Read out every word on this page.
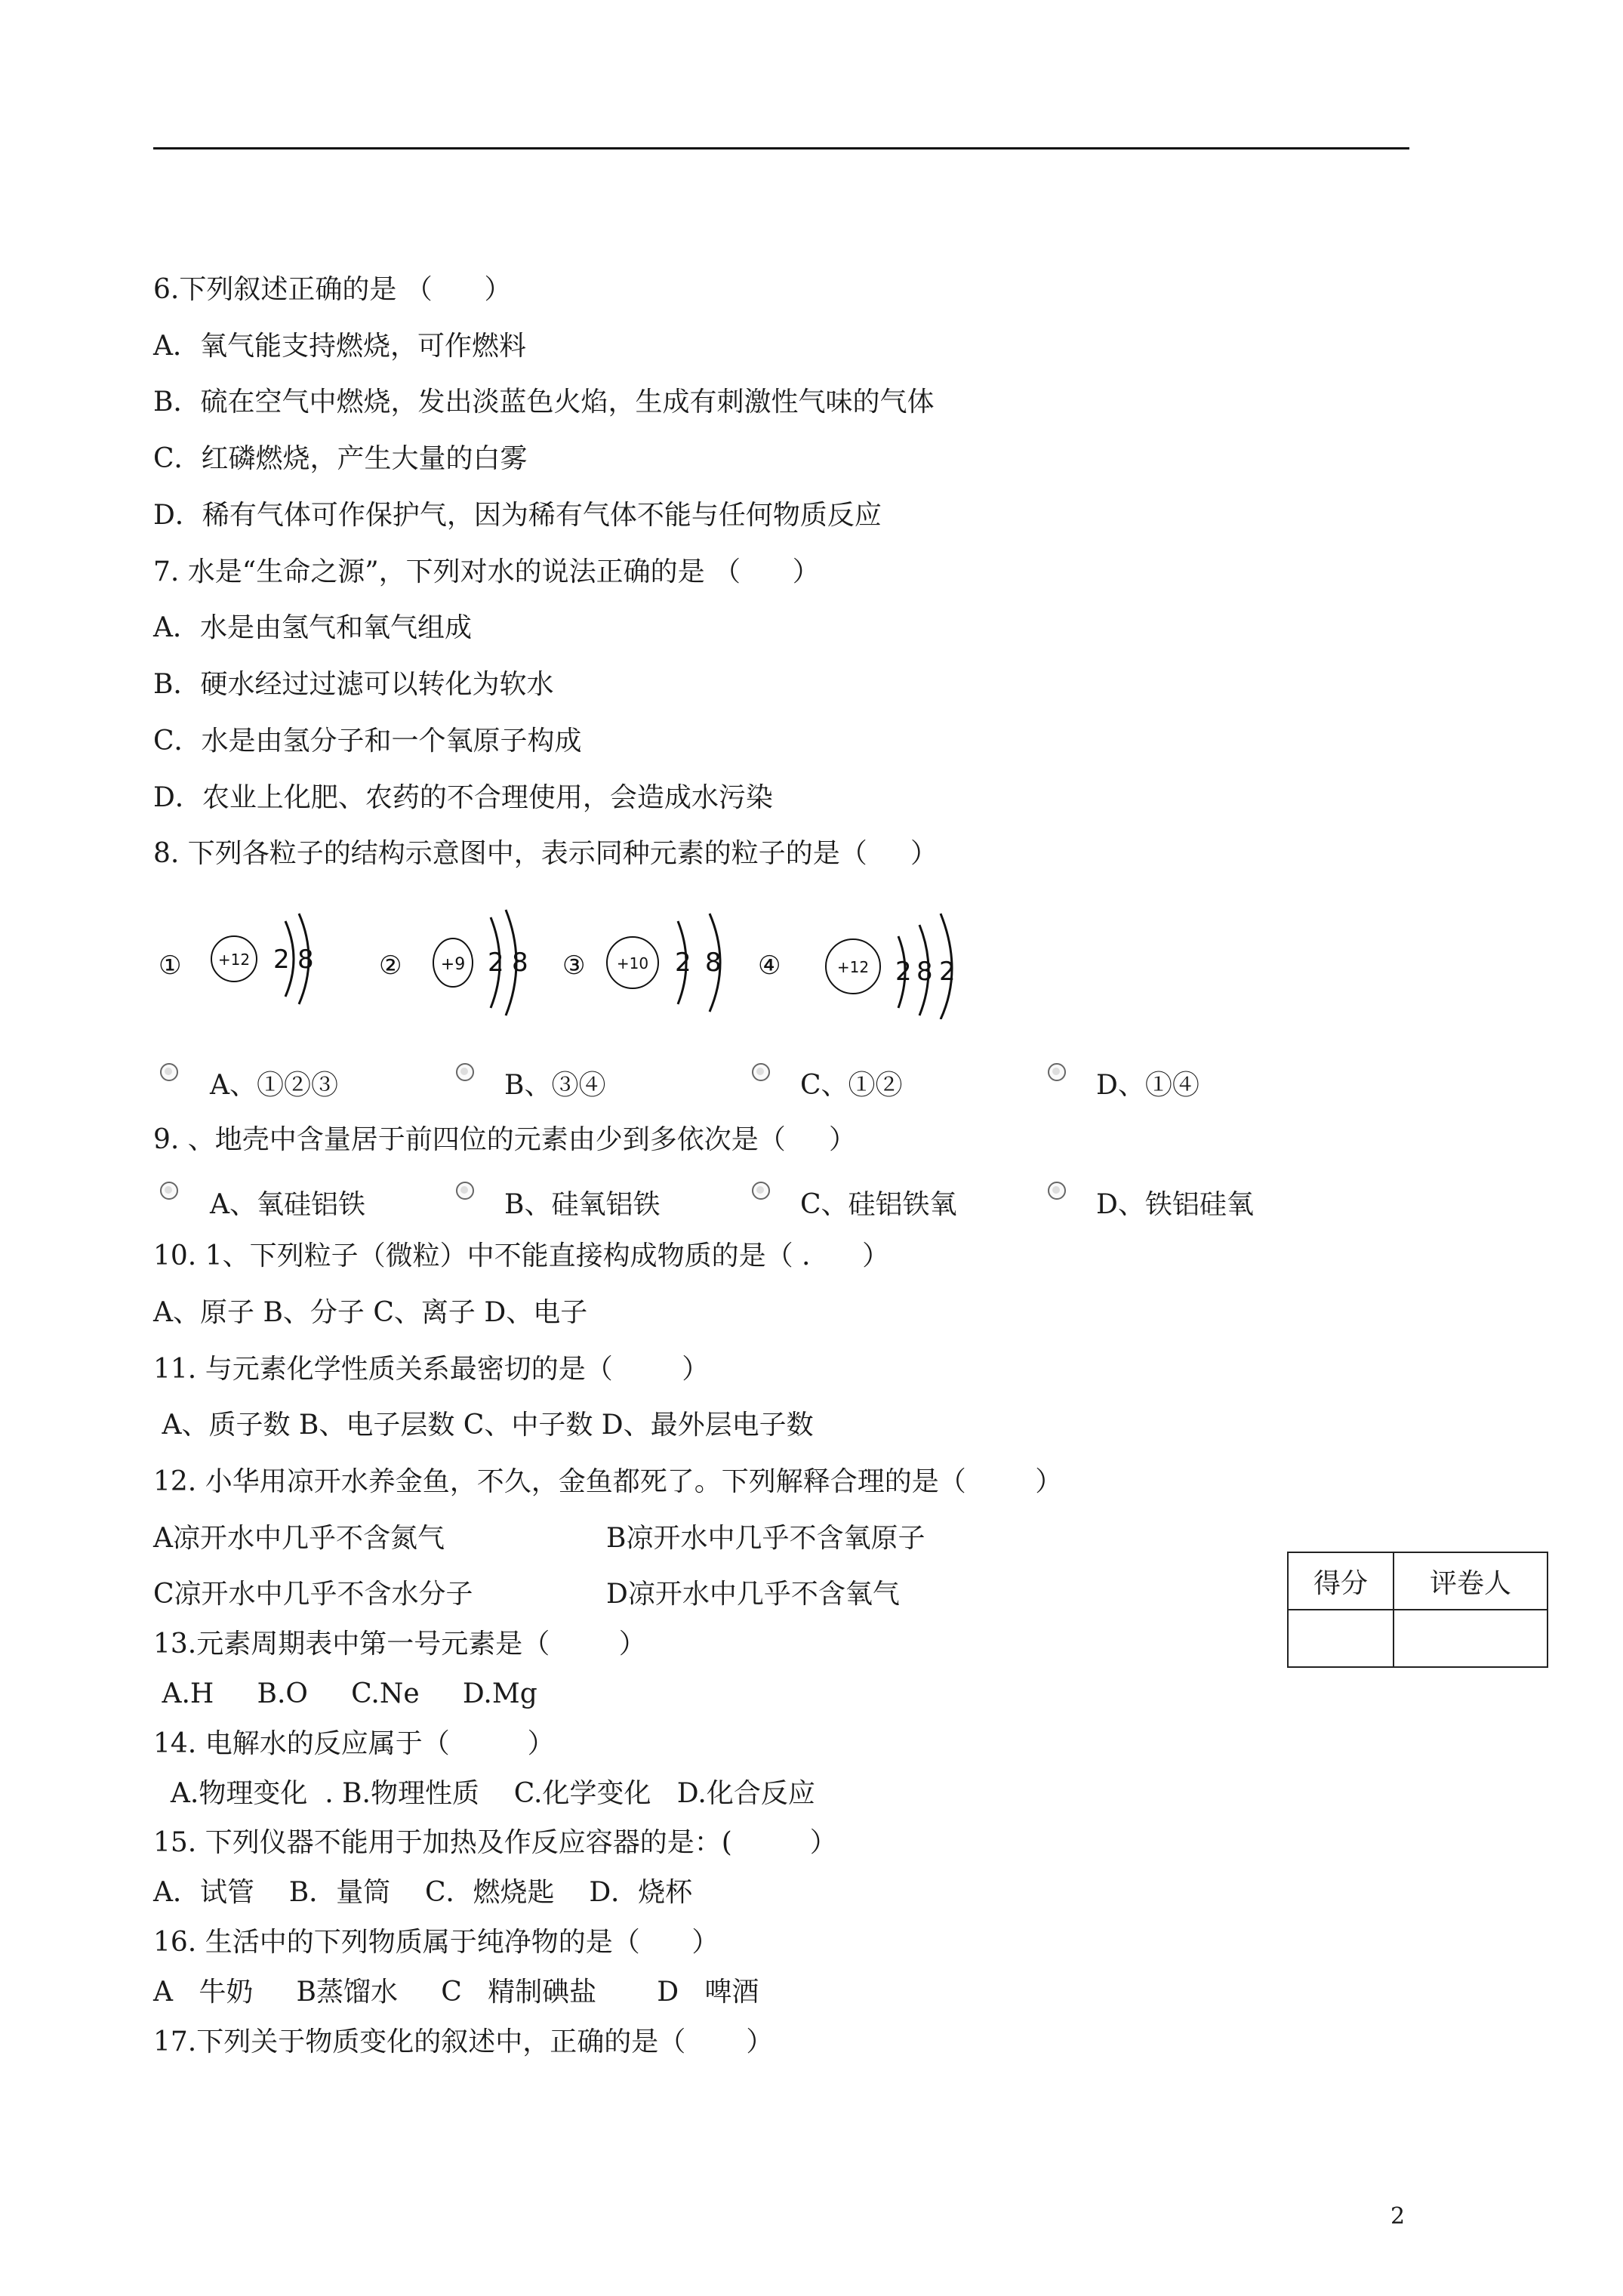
6.下列叙述正确的是 （      ）
A．氧气能支持燃烧，可作燃料
B．硫在空气中燃烧，发出淡蓝色火焰，生成有刺激性气味的气体
C．红磷燃烧，产生大量的白雾
D．稀有气体可作保护气，因为稀有气体不能与任何物质反应
7. 水是“生命之源”，下列对水的说法正确的是 （      ）
A．水是由氢气和氧气组成
B．硬水经过过滤可以转化为软水
C．水是由氢分子和一个氧原子构成
D．农业上化肥、农药的不合理使用，会造成水污染
8. 下列各粒子的结构示意图中，表示同种元素的粒子的是（     ）
① +12 2 8	② +9 2 8 ③ +10 2 8 ④	+12 2 8 2
A、①②③	B、③④	C、①②	D、①④
9. 、地壳中含量居于前四位的元素由少到多依次是（     ）
A、氧硅铝铁	B、硅氧铝铁	C、硅铝铁氧	D、铁铝硅氧
10. 1、下列粒子（微粒）中不能直接构成物质的是（ .      ）
A、原子 B、分子 C、离子 D、电子
11. 与元素化学性质关系最密切的是（        ）
A、质子数 B、电子层数 C、中子数 D、最外层电子数
12. 小华用凉开水养金鱼，不久，金鱼都死了。下列解释合理的是（        ）
A凉开水中几乎不含氮气	B凉开水中几乎不含氧原子
C凉开水中几乎不含水分子	D凉开水中几乎不含氧气	得分	评卷人

13.元素周期表中第一号元素是（        ）
A.H     B.O     C.Ne     D.Mg
14. 电解水的反应属于（         ）
A.物理变化  . B.物理性质    C.化学变化   D.化合反应
15. 下列仪器不能用于加热及作反应容器的是：(         ）
A．试管    B．量筒    C．燃烧匙    D．烧杯
16. 生活中的下列物质属于纯净物的是（      ）
A   牛奶     B蒸馏水     C   精制碘盐       D   啤酒
17.下列关于物质变化的叙述中，正确的是（       ）
2
